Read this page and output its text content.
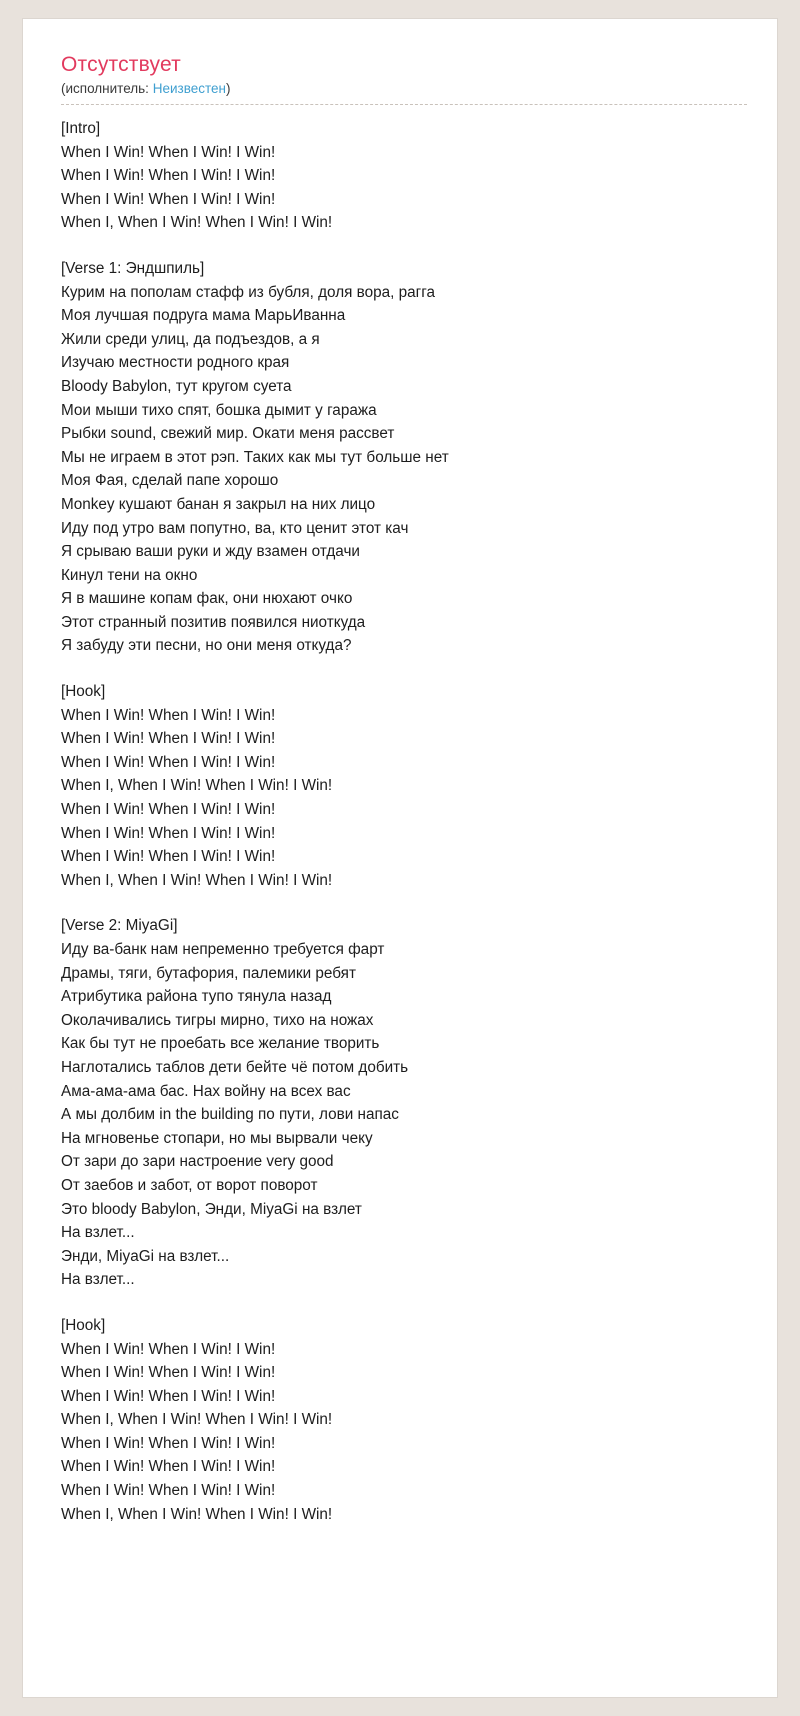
Отсутствует
(исполнитель: Неизвестен)
[Intro]
When I Win! When I Win! I Win!
When I Win! When I Win! I Win!
When I Win! When I Win! I Win!
When I, When I Win! When I Win! I Win!
[Verse 1: Эндшпиль]
Курим на пополам стафф из бубля, доля вора, рагга
Моя лучшая подруга мама МарьИванна
Жили среди улиц, да подъездов, а я
Изучаю местности родного края
Bloody Babylon, тут кругом суета
Мои мыши тихо спят, бошка дымит у гаража
Рыбки sound, свежий мир. Окати меня рассвет
Мы не играем в этот рэп. Таких как мы тут больше нет
Моя Фая, сделай папе хорошо
Monkey кушают банан я закрыл на них лицо
Иду под утро вам попутно, ва, кто ценит этот кач
Я срываю ваши руки и жду взамен отдачи
Кинул тени на окно
Я в машине копам фак, они нюхают очко
Этот странный позитив появился ниоткуда
Я забуду эти песни, но они меня откуда?
[Hook]
When I Win! When I Win! I Win!
When I Win! When I Win! I Win!
When I Win! When I Win! I Win!
When I, When I Win! When I Win! I Win!
When I Win! When I Win! I Win!
When I Win! When I Win! I Win!
When I Win! When I Win! I Win!
When I, When I Win! When I Win! I Win!
[Verse 2: MiyaGi]
Иду ва-банк нам непременно требуется фарт
Драмы, тяги, бутафория, палемики ребят
Атрибутика района тупо тянула назад
Околачивались тигры мирно, тихо на ножах
Как бы тут не проебать все желание творить
Наглотались таблов дети бейте чё потом добить
Ама-ама-ама бас. Нах войну на всех вас
А мы долбим in the building по пути, лови напас
На мгновенье стопари, но мы вырвали чеку
От зари до зари настроение very good
От заебов и забот, от ворот поворот
Это bloody Babylon, Энди, MiyaGi на взлет
На взлет...
Энди, MiyaGi на взлет...
На взлет...
[Hook]
When I Win! When I Win! I Win!
When I Win! When I Win! I Win!
When I Win! When I Win! I Win!
When I, When I Win! When I Win! I Win!
When I Win! When I Win! I Win!
When I Win! When I Win! I Win!
When I Win! When I Win! I Win!
When I, When I Win! When I Win! I Win!
